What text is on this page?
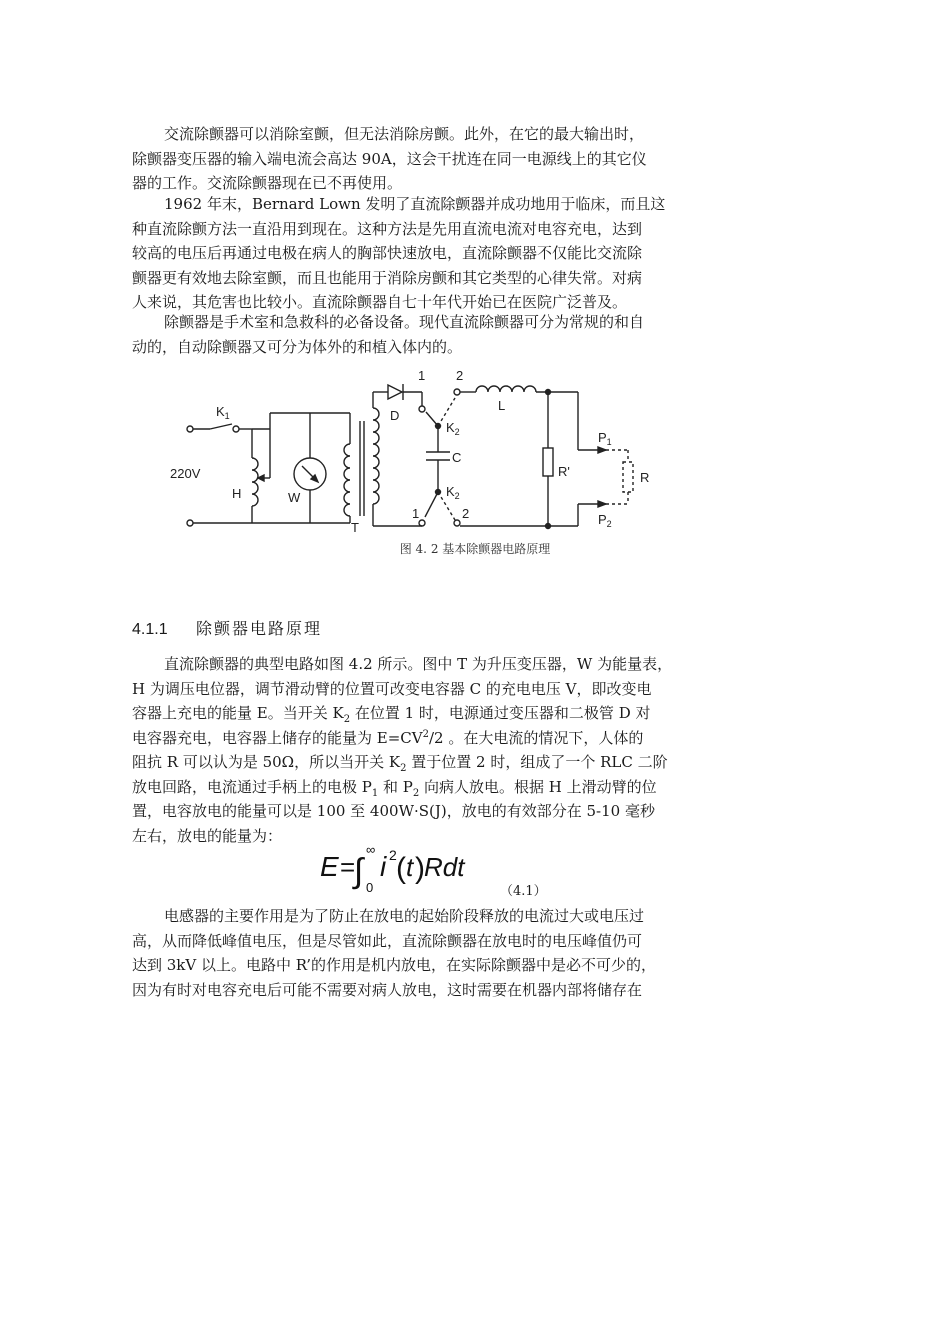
交流除颤器可以消除室颤，但无法消除房颤。此外，在它的最大输出时，
除颤器变压器的输入端电流会高达 90A，这会干扰连在同一电源线上的其它仪
器的工作。交流除颤器现在已不再使用。

1962 年末，Bernard Lown 发明了直流除颤器并成功地用于临床，而且这
种直流除颤方法一直沿用到现在。这种方法是先用直流电流对电容充电，达到
较高的电压后再通过电极在病人的胸部快速放电，直流除颤器不仅能比交流除
颤器更有效地去除室颤，而且也能用于消除房颤和其它类型的心律失常。对病
人来说，其危害也比较小。直流除颤器自七十年代开始已在医院广泛普及。

除颤器是手术室和急救科的必备设备。现代直流除颤器可分为常规的和自
动的，自动除颤器又可分为体外的和植入体内的。

$K_1$
220V
H	W
T
D
1 2
L
$K_2$
C
$K_2$
1	2
R'
$P_1$
$P_2$
R

图 4. 2 基本除颤器电路原理

4.1.1 除颤器电路原理

直流除颤器的典型电路如图 4.2 所示。图中 T 为升压变压器，W 为能量表，
H 为调压电位器，调节滑动臂的位置可改变电容器 C 的充电电压 V，即改变电
容器上充电的能量 E。当开关 $K_2$ 在位置 1 时，电源通过变压器和二极管 D 对
电容器充电，电容器上储存的能量为 $E=CV^2/2$ 。在大电流的情况下，人体的
阻抗 R 可以认为是 50Ω，所以当开关 $K_2$ 置于位置 2 时，组成了一个 RLC 二阶
放电回路，电流通过手柄上的电极 $P_1$ 和 $P_2$ 向病人放电。根据 H 上滑动臂的位
置，电容放电的能量可以是 100 至 400W·S(J)，放电的有效部分在 5-10 毫秒
左右，放电的能量为：

E =
∫
∞
0
i 2 ( t ) Rdt
（4.1）

电感器的主要作用是为了防止在放电的起始阶段释放的电流过大或电压过
高，从而降低峰值电压，但是尽管如此，直流除颤器在放电时的电压峰值仍可
达到 3kV 以上。电路中 R’的作用是机内放电，在实际除颤器中是必不可少的，
因为有时对电容充电后可能不需要对病人放电，这时需要在机器内部将储存在
